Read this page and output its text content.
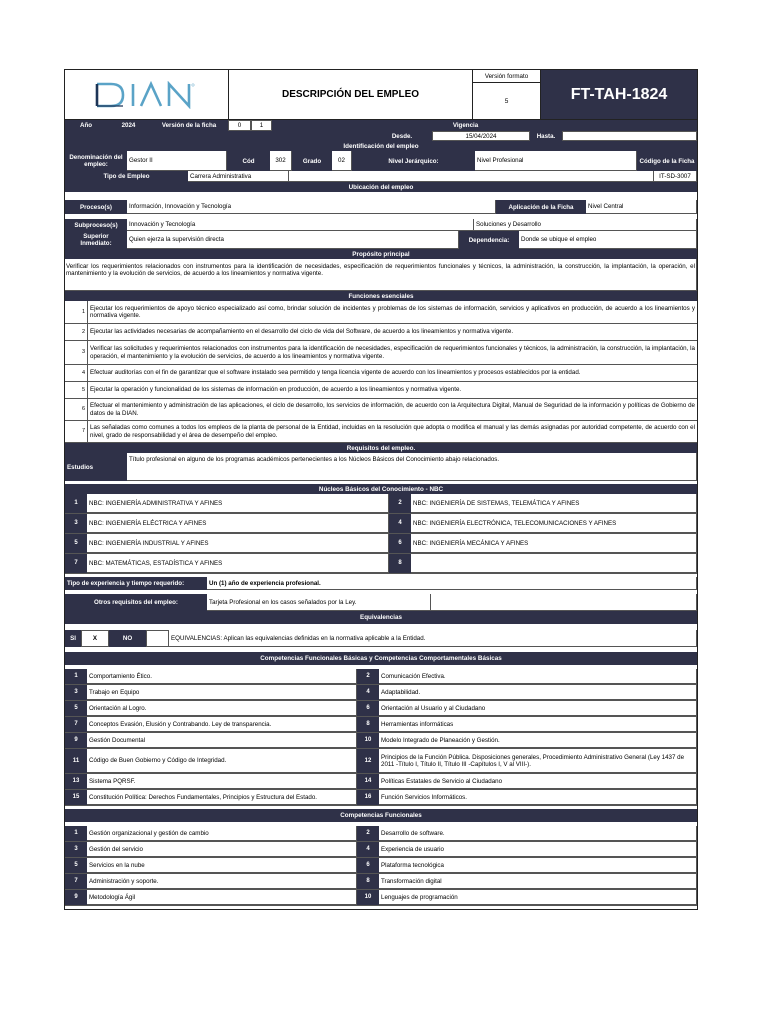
DESCRIPCIÓN DEL EMPLEO
Versión formato
5	FT-TAH-1824
Año	2024	Versión de la ficha	0	1	Vigencia
Desde.	15/04/2024	Hasta.
Identificación del empleo
Denominación del empleo:
Gestor II	Cód	302	Grado	02	Nivel Jerárquico:	Nivel Profesional	Código de la Ficha
Tipo de Empleo	Carrera Administrativa	IT-SD-3007
Ubicación del empleo
Proceso(s)	Información, Innovación y Tecnología	Aplicación de la Ficha	Nivel Central
Subproceso(s)	Innovación y Tecnología	Soluciones y Desarrollo
Superior Inmediato:
Quien ejerza la supervisión directa	Dependencia:	Donde se ubique el empleo
Propósito principal
Verificar los requerimientos relacionados con instrumentos para la identificación de necesidades, especificación de requerimientos funcionales y técnicos, la administración, la construcción, la implantación, la operación, el mantenimiento y la evolución de servicios, de acuerdo a los lineamientos y normativa vigente.
Funciones esenciales
1 Ejecutar los requerimientos de apoyo técnico especializado así como, brindar solución de incidentes y problemas de los sistemas de información, servicios y aplicativos en producción, de acuerdo a los lineamientos y normativa vigente.
2 Ejecutar las actividades necesarias de acompañamiento en el desarrollo del ciclo de vida del Software, de acuerdo a los lineamientos y normativa vigente.
3 Verificar las solicitudes y requerimientos relacionados con instrumentos para la identificación de necesidades, especificación de requerimientos funcionales y técnicos, la administración, la construcción, la implantación, la operación, el mantenimiento y la evolución de servicios, de acuerdo a los lineamientos y normativa vigente.
4 Efectuar auditorías con el fin de garantizar que el software instalado sea permitido y tenga licencia vigente de acuerdo con los lineamientos y procesos establecidos por la entidad.
5 Ejecutar la operación y funcionalidad de los sistemas de información en producción, de acuerdo a los lineamientos y normativa vigente.
6 Efectuar el mantenimiento y administración de las aplicaciones, el ciclo de desarrollo, los servicios de información, de acuerdo con la Arquitectura Digital, Manual de Seguridad de la información y políticas de Gobierno de datos de la DIAN.
7 Las señaladas como comunes a todos los empleos de la planta de personal de la Entidad, incluidas en la resolución que adopta o modifica el manual y las demás asignadas por autoridad competente, de acuerdo con el nivel, grado de responsabilidad y el área de desempeño del empleo.
Requisitos del empleo.
Estudios
Título profesional en alguno de los programas académicos pertenecientes a los Núcleos Básicos del Conocimiento abajo relacionados.
Núcleos Básicos del Conocimiento - NBC
1	NBC: INGENIERÍA ADMINISTRATIVA Y AFINES	2	NBC: INGENIERÍA DE SISTEMAS, TELEMÁTICA Y AFINES
3	NBC: INGENIERÍA ELÉCTRICA Y AFINES	4	NBC: INGENIERÍA ELECTRÓNICA, TELECOMUNICACIONES Y AFINES
5	NBC: INGENIERÍA INDUSTRIAL Y AFINES	6	NBC: INGENIERÍA MECÁNICA Y AFINES
7	NBC: MATEMÁTICAS, ESTADÍSTICA Y AFINES	8
Tipo de experiencia y tiempo requerido:	Un (1) año de experiencia profesional.
Otros requisitos del empleo:	Tarjeta Profesional en los casos señalados por la Ley.
Equivalencias
SI	X	NO	EQUIVALENCIAS: Aplican las equivalencias definidas en la normativa aplicable a la Entidad.
Competencias Funcionales Básicas y Competencias Comportamentales Básicas
1	Comportamiento Ético.	2	Comunicación Efectiva.
3	Trabajo en Equipo	4	Adaptabilidad.
5	Orientación al Logro.	6	Orientación al Usuario y al Ciudadano
7	Conceptos Evasión, Elusión y Contrabando. Ley de transparencia.	8	Herramientas informáticas
9	Gestión Documental	10	Modelo Integrado de Planeación y Gestión.
11	Código de Buen Gobierno y Código de Integridad.	12	Principios de la Función Pública. Disposiciones generales, Procedimiento Administrativo General (Ley 1437 de 2011 -Título I, Título II, Título III -Capítulos I, V al VIII-).
13	Sistema PQRSF.	14	Políticas Estatales de Servicio al Ciudadano
15	Constitución Política: Derechos Fundamentales, Principios y Estructura del Estado.	16	Función Servicios Informáticos.
Competencias Funcionales
1	Gestión organizacional y gestión de cambio	2	Desarrollo de software.
3	Gestión del servicio	4	Experiencia de usuario
5	Servicios en la nube	6	Plataforma tecnológica
7	Administración y soporte.	8	Transformación digital
9	Metodología Ágil	10	Lenguajes de programación
